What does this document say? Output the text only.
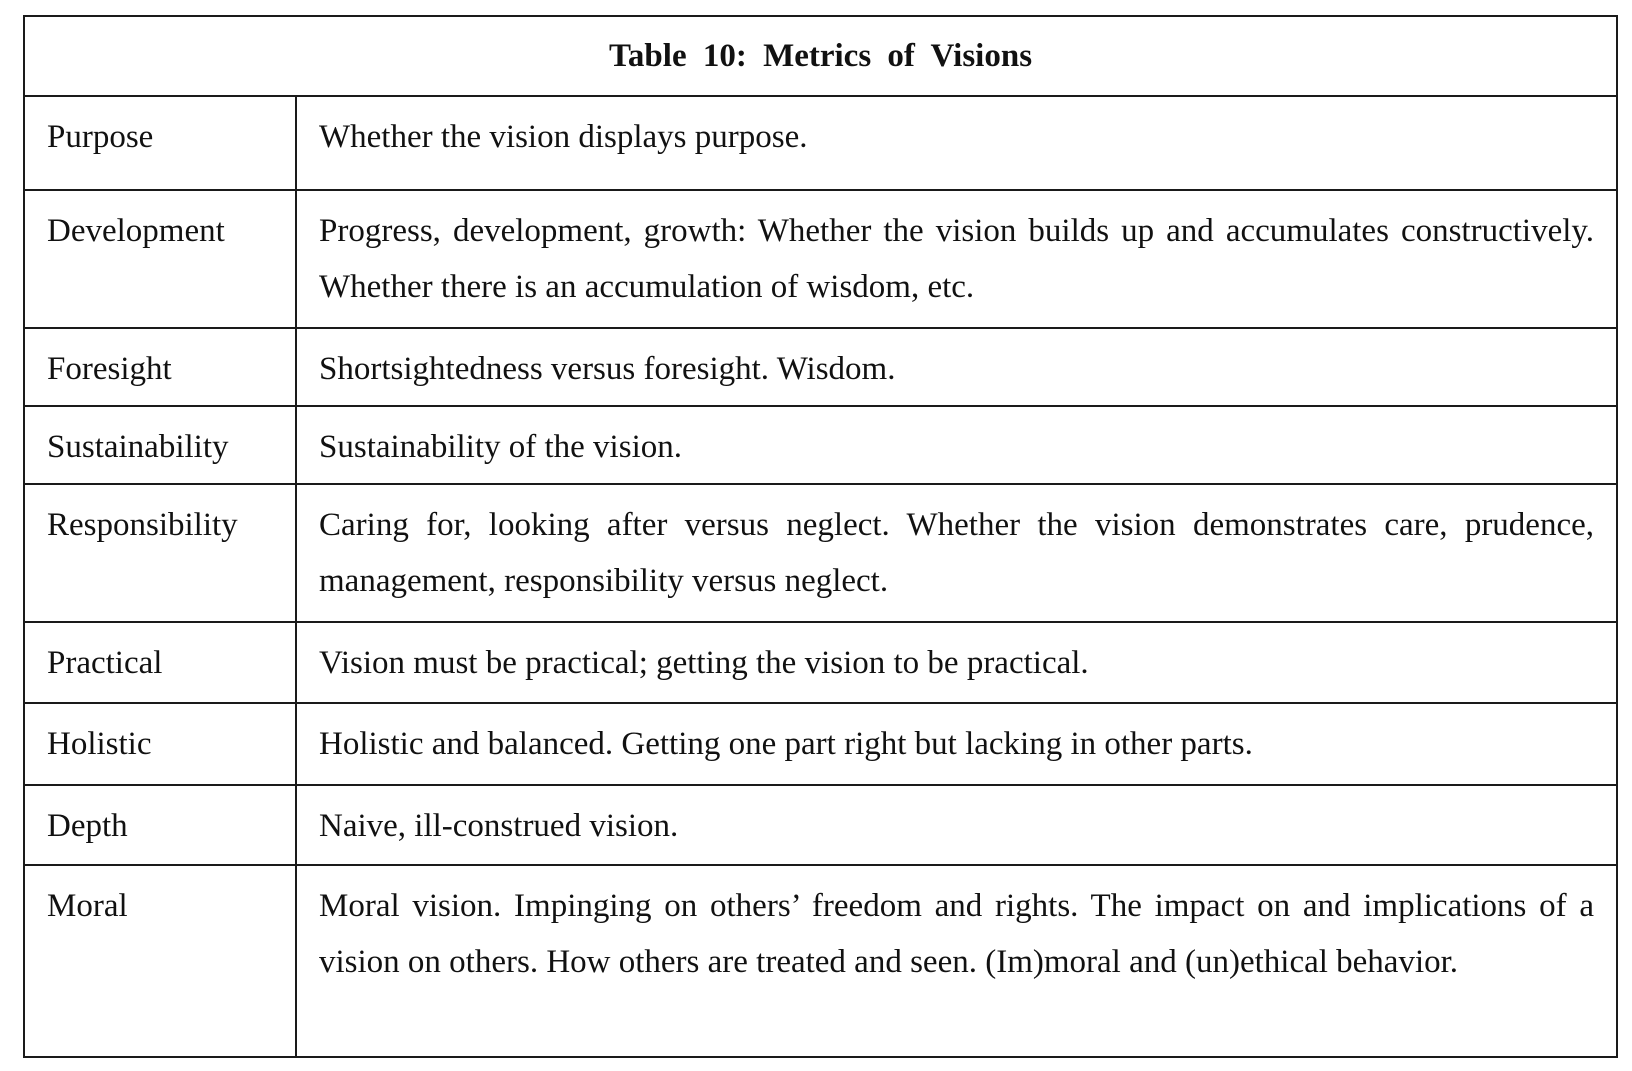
Table 10: Metrics of Visions	
Purpose	Whether the vision displays purpose.
Development	Progress, development, growth: Whether the vision builds up and accumulates constructively. Whether there is an accumulation of wisdom, etc.
Foresight	Shortsightedness versus foresight. Wisdom.
Sustainability	Sustainability of the vision.
Responsibility	Caring for, looking after versus neglect. Whether the vision demonstrates care, prudence, management, responsibility versus neglect.
Practical	Vision must be practical; getting the vision to be practical.
Holistic	Holistic and balanced. Getting one part right but lacking in other parts.
Depth	Naive, ill-construed vision.
Moral	Moral vision. Impinging on others’ freedom and rights. The impact on and implications of a vision on others. How others are treated and seen. (Im)moral and (un)ethical behavior.
